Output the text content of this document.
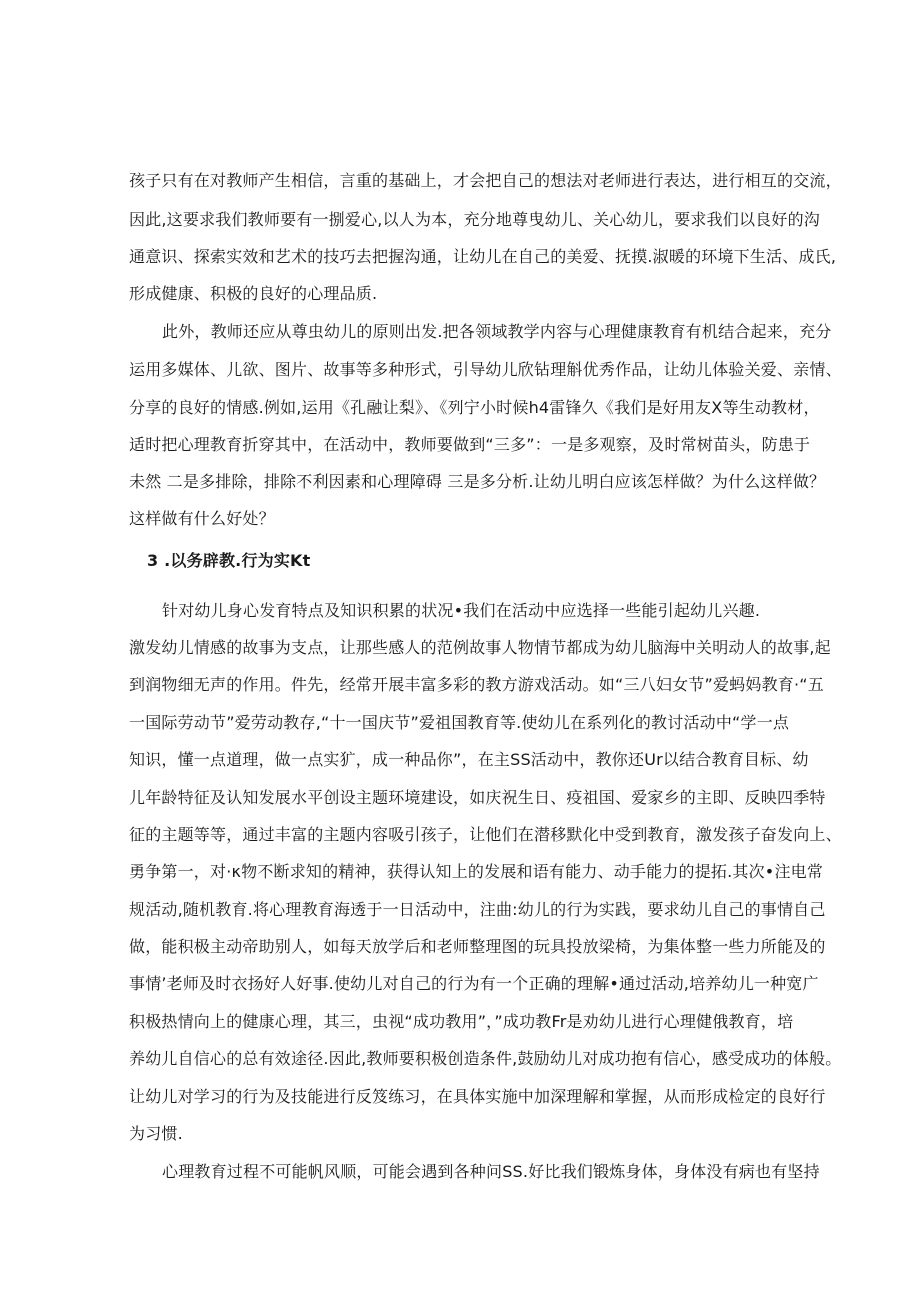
孩子只有在对教师产生相信，言重的基础上，才会把自己的想法对老师进行表达，进行相互的交流，
因此,这要求我们教师要有一捌爱心,以人为本，充分地尊曳幼儿、关心幼儿，要求我们以良好的沟
通意识、探索实效和艺术的技巧去把握沟通，让幼儿在自己的美爱、抚摸.淑暖的环境下生活、成氏,
形成健康、积极的良好的心理品质.
此外，教师还应从尊虫幼儿的原则出发.把各领域教学内容与心理健康教育有机结合起来，充分
运用多媒体、儿欲、图片、故事等多种形式，引导幼儿欣钻理斛优秀作品，让幼儿体验关爱、亲情、
分享的良好的情感.例如,运用《孔融让梨》、《列宁小时候h4雷锋久《我们是好用友X等生动教材，
适时把心理教育折穿其中，在活动中，教师要做到“三多”：一是多观察，及时常树苗头，防患于
未然 二是多排除，排除不利因素和心理障碍 三是多分析.让幼儿明白应该怎样做？为什么这样做？
这样做有什么好处？
3 .以务辟教.行为实Kt
针对幼儿身心发育特点及知识积累的状况•我们在活动中应选择一些能引起幼儿兴趣.
激发幼儿情感的故事为支点，让那些感人的范例故事人物情节都成为幼儿脑海中关明动人的故事,起
到润物细无声的作用。件先，经常开展丰富多彩的教方游戏活动。如“三八妇女节”爱蚂妈教育·“五
一国际劳动节”爱劳动教存,“十一国庆节”爱祖国教育等.使幼儿在系列化的教讨活动中“学一点
知识，懂一点道理，做一点实犷，成一种品你”，在主SS活动中，教你还Ur以结合教育目标、幼
儿年龄特征及认知发展水平创设主题环境建设，如庆祝生日、疫祖国、爱家乡的主即、反映四季特
征的主题等等，通过丰富的主题内容吸引孩子，让他们在潜移默化中受到教育，激发孩子奋发向上、
勇争第一，对·κ物不断求知的精神，获得认知上的发展和语有能力、动手能力的提拓.其次•注电常
规活动,随机教育.将心理教育海透于一日活动中，注曲:幼儿的行为实践，要求幼儿自己的事情自己
做，能积极主动帝助别人，如每天放学后和老师整理图的玩具投放梁椅，为集体整一些力所能及的
事情’老师及时衣扬好人好事.使幼儿对自己的行为有一个正确的理解•通过活动,培养幼儿一种宽广
积极热情向上的健康心理，其三，虫视“成功教用”，”成功教Fr是劝幼儿进行心理健俄教育，培
养幼儿自信心的总有效途径.因此,教师要积极创造条件,鼓励幼儿对成功抱有信心，感受成功的体般。
让幼儿对学习的行为及技能进行反笈练习，在具体实施中加深理解和掌握，从而形成检定的良好行
为习惯.
心理教育过程不可能帆风顺，可能会遇到各种问SS.好比我们锻炼身体，身体没有病也有坚持
